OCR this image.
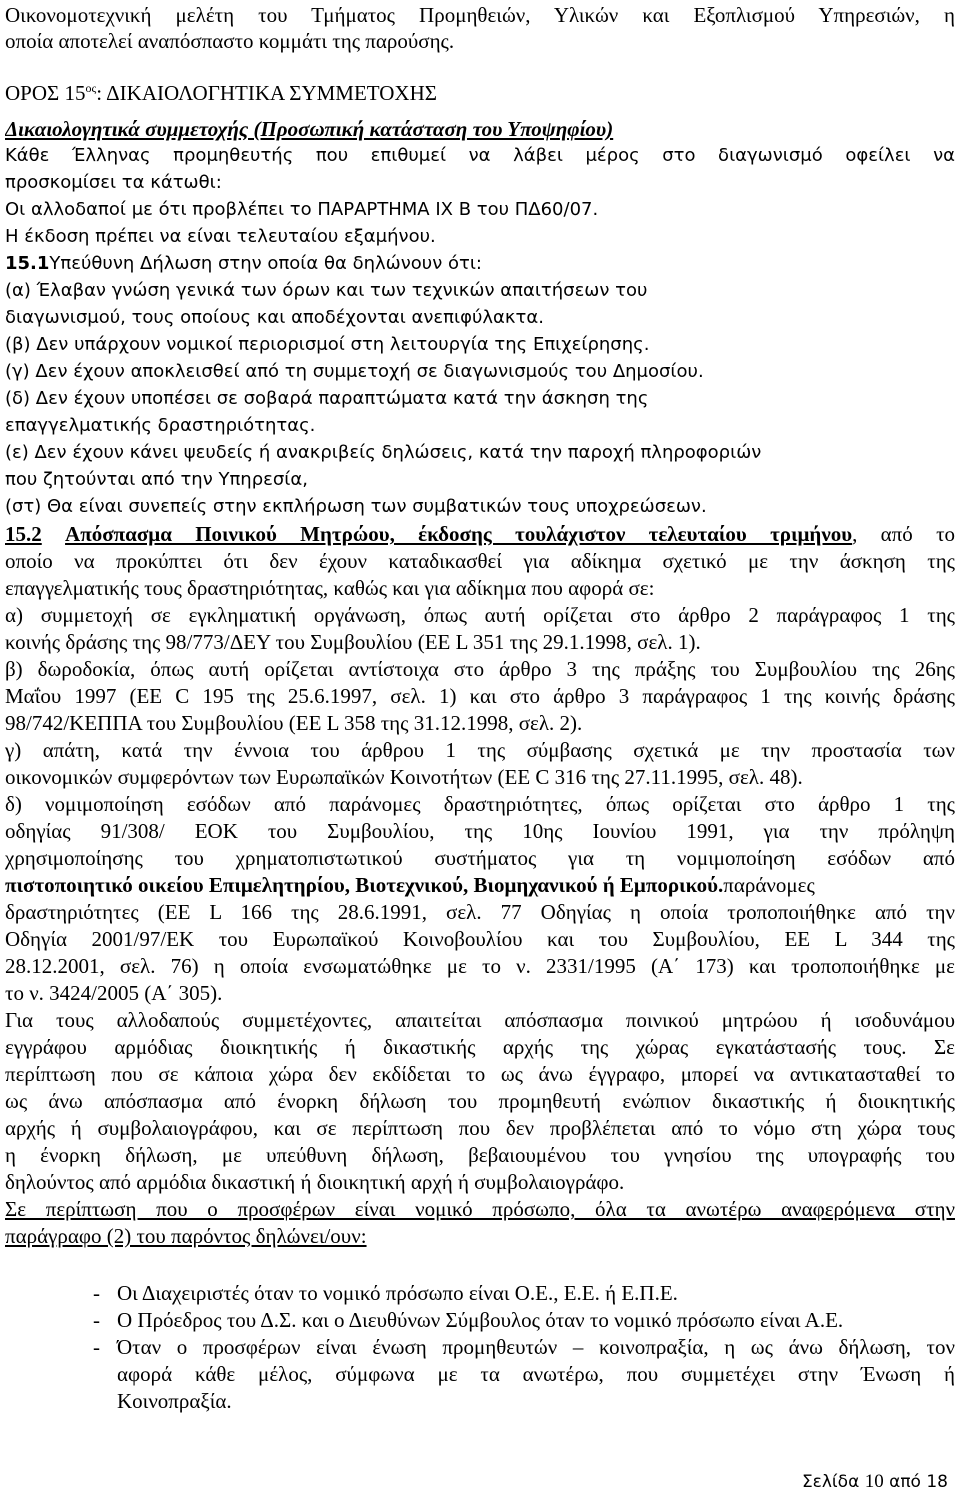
Οικονομοτεχνική μελέτη του Τμήματος Προμηθειών, Υλικών και Εξοπλισμού Υπηρεσιών, η
οποία αποτελεί αναπόσπαστο κομμάτι της παρούσης.
ΟΡΟΣ $15^{o\varsigma}$: ΔΙΚΑΙΟΛΟΓΗΤΙΚΑ ΣΥΜΜΕΤΟΧΗΣ
Δικαιολογητικά συμμετοχής (Προσωπική κατάσταση του Υποψηφίου)
Κάθε Έλληνας προμηθευτής που επιθυμεί να λάβει μέρος στο διαγωνισμό οφείλει να
προσκομίσει τα κάτωθι:
Οι αλλοδαποί με ότι προβλέπει το ΠΑΡΑΡΤΗΜΑ ΙΧ Β του ΠΔ60/07.
Η έκδοση πρέπει να είναι τελευταίου εξαμήνου.
15.1Υπεύθυνη Δήλωση στην οποία θα δηλώνουν ότι:
(α) Έλαβαν γνώση γενικά των όρων και των τεχνικών απαιτήσεων του
διαγωνισμού, τους οποίους και αποδέχονται ανεπιφύλακτα.
(β) Δεν υπάρχουν νομικοί περιορισμοί στη λειτουργία της Επιχείρησης.
(γ) Δεν έχουν αποκλεισθεί από τη συμμετοχή σε διαγωνισμούς του Δημοσίου.
(δ) Δεν έχουν υποπέσει σε σοβαρά παραπτώματα κατά την άσκηση της
επαγγελματικής δραστηριότητας.
(ε) Δεν έχουν κάνει ψευδείς ή ανακριβείς δηλώσεις, κατά την παροχή πληροφοριών
που ζητούνται από την Υπηρεσία,
(στ) Θα είναι συνεπείς στην εκπλήρωση των συμβατικών τους υποχρεώσεων.
15.2 Απόσπασμα Ποινικού Μητρώου, έκδοσης τουλάχιστον τελευταίου τριμήνου, από το
οποίο να προκύπτει ότι δεν έχουν καταδικασθεί για αδίκημα σχετικό με την άσκηση της
επαγγελματικής τους δραστηριότητας, καθώς και για αδίκημα που αφορά σε:
α) συμμετοχή σε εγκληματική οργάνωση, όπως αυτή ορίζεται στο άρθρο 2 παράγραφος 1 της
κοινής δράσης της 98/773/ΔΕΥ του Συμβουλίου (ΕΕ L 351 της 29.1.1998, σελ. 1).
β) δωροδοκία, όπως αυτή ορίζεται αντίστοιχα στο άρθρο 3 της πράξης του Συμβουλίου της 26ης
Μαΐου 1997 (ΕΕ C 195 της 25.6.1997, σελ. 1) και στο άρθρο 3 παράγραφος 1 της κοινής δράσης
98/742/ΚΕΠΠΑ του Συμβουλίου (ΕΕ L 358 της 31.12.1998, σελ. 2).
γ) απάτη, κατά την έννοια του άρθρου 1 της σύμβασης σχετικά με την προστασία των
οικονομικών συμφερόντων των Ευρωπαϊκών Κοινοτήτων (ΕΕ C 316 της 27.11.1995, σελ. 48).
δ) νομιμοποίηση εσόδων από παράνομες δραστηριότητες, όπως ορίζεται στο άρθρο 1 της
οδηγίας 91/308/ ΕΟΚ του Συμβουλίου, της 10ης Ιουνίου 1991, για την πρόληψη
χρησιμοποίησης του χρηματοπιστωτικού συστήματος για τη νομιμοποίηση εσόδων από
πιστοποιητικό οικείου Επιμελητηρίου, Βιοτεχνικού, Βιομηχανικού ή Εμπορικού.παράνομες
δραστηριότητες (ΕΕ L 166 της 28.6.1991, σελ. 77 Οδηγίας η οποία τροποποιήθηκε από την
Οδηγία 2001/97/ΕΚ του Ευρωπαϊκού Κοινοβουλίου και του Συμβουλίου, ΕΕ L 344 της
28.12.2001, σελ. 76) η οποία ενσωματώθηκε με το ν. 2331/1995 (Α΄ 173) και τροποποιήθηκε με
το ν. 3424/2005 (Α΄ 305).
Για τους αλλοδαπούς συμμετέχοντες, απαιτείται απόσπασμα ποινικού μητρώου ή ισοδυνάμου
εγγράφου αρμόδιας διοικητικής ή δικαστικής αρχής της χώρας εγκατάστασής τους. Σε
περίπτωση που σε κάποια χώρα δεν εκδίδεται το ως άνω έγγραφο, μπορεί να αντικατασταθεί το
ως άνω απόσπασμα από ένορκη δήλωση του προμηθευτή ενώπιον δικαστικής ή διοικητικής
αρχής ή συμβολαιογράφου, και σε περίπτωση που δεν προβλέπεται από το νόμο στη χώρα τους
η ένορκη δήλωση, με υπεύθυνη δήλωση, βεβαιουμένου του γνησίου της υπογραφής του
δηλούντος από αρμόδια δικαστική ή διοικητική αρχή ή συμβολαιογράφο.
Σε περίπτωση που ο προσφέρων είναι νομικό πρόσωπο, όλα τα ανωτέρω αναφερόμενα στην
παράγραφο (2) του παρόντος δηλώνει/ουν:
- Οι Διαχειριστές όταν το νομικό πρόσωπο είναι Ο.Ε., Ε.Ε. ή Ε.Π.Ε.
- Ο Πρόεδρος του Δ.Σ. και ο Διευθύνων Σύμβουλος όταν το νομικό πρόσωπο είναι Α.Ε.
- Όταν ο προσφέρων είναι ένωση προμηθευτών – κοινοπραξία, η ως άνω δήλωση, τον
αφορά κάθε μέλος, σύμφωνα με τα ανωτέρω, που συμμετέχει στην Ένωση ή
Κοινοπραξία.
Σελίδα 10 από 18
